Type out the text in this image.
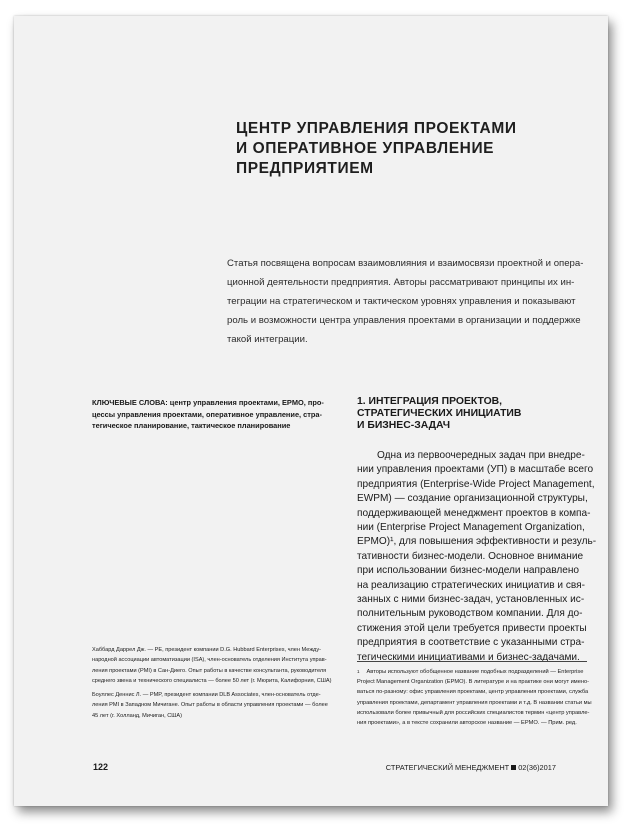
ЦЕНТР УПРАВЛЕНИЯ ПРОЕКТАМИ
И ОПЕРАТИВНОЕ УПРАВЛЕНИЕ
ПРЕДПРИЯТИЕМ
Статья посвящена вопросам взаимовлияния и взаимосвязи проектной и опера-
ционной деятельности предприятия. Авторы рассматривают принципы их ин-
теграции на стратегическом и тактическом уровнях управления и показывают
роль и возможности центра управления проектами в организации и поддержке
такой интеграции.
КЛЮЧЕВЫЕ СЛОВА: центр управления проектами, EPMO, про-
цессы управления проектами, оперативное управление, стра-
тегическое планирование, тактическое планирование
1. ИНТЕГРАЦИЯ ПРОЕКТОВ,
СТРАТЕГИЧЕСКИХ ИНИЦИАТИВ
И БИЗНЕС-ЗАДАЧ
Одна из первоочередных задач при внедре-
нии управления проектами (УП) в масштабе всего
предприятия (Enterprise-Wide Project Management,
EWPM) — создание организационной структуры,
поддерживающей менеджмент проектов в компа-
нии (Enterprise Project Management Organization,
EPMO)¹, для повышения эффективности и резуль-
тативности бизнес-модели. Основное внимание
при использовании бизнес-модели направлено
на реализацию стратегических инициатив и свя-
занных с ними бизнес-задач, установленных ис-
полнительным руководством компании. Для до-
стижения этой цели требуется привести проекты
предприятия в соответствие с указанными стра-
тегическими инициативами и бизнес-задачами.
$^1$ Авторы используют обобщенное название подобных подразделений — Enterprise
Project Management Organization (EPMO). В литературе и на практике они могут имено-
ваться по-разному: офис управления проектами, центр управления проектами, служба
управления проектами, департамент управления проектами и т.д. В названии статьи мы
использовали более привычный для российских специалистов термин «центр управле-
ния проектами», а в тексте сохранили авторское название — EPMO. — Прим. ред.
Хаббард Даррел Дж. — PE, президент компании D.G. Hubbard Enterprises, член Между-
народной ассоциации автоматизации (ISA), член-основатель отделения Института управ-
ления проектами (PMI) в Сан-Диего. Опыт работы в качестве консультанта, руководителя
среднего звена и технического специалиста — более 50 лет (г. Мюрита, Калифорния, США)
Боуллес Деннис Л. — PMP, президент компании DLB Associates, член-основатель отде-
ления PMI в Западном Мичигане. Опыт работы в области управления проектами — более
45 лет (г. Холланд, Мичиган, США)
122	СТРАТЕГИЧЕСКИЙ МЕНЕДЖМЕНТ 02(36)2017
